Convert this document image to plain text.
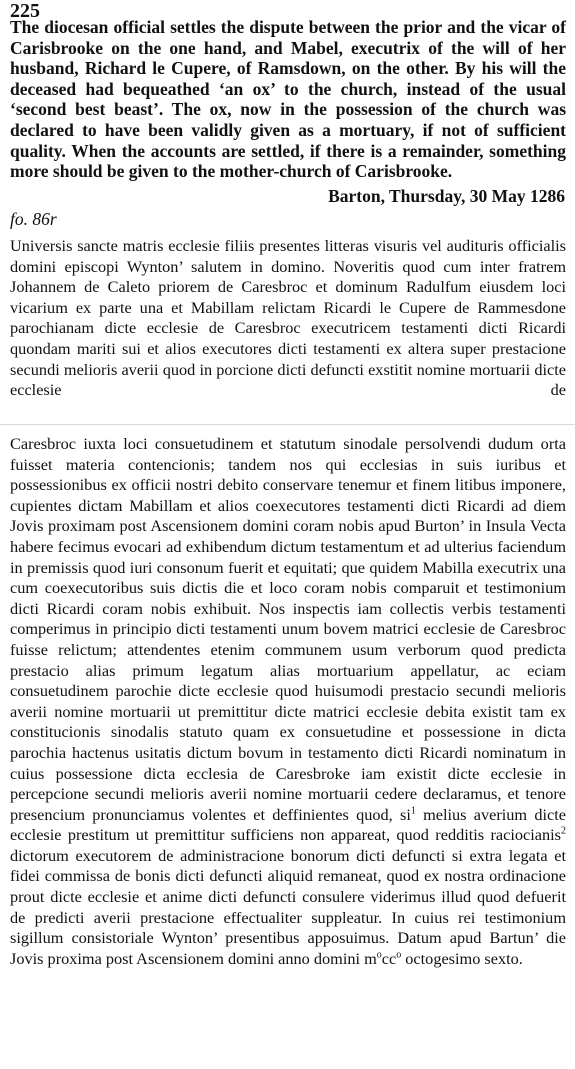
225
The diocesan official settles the dispute between the prior and the vicar of Carisbrooke on the one hand, and Mabel, executrix of the will of her husband, Richard le Cupere, of Ramsdown, on the other. By his will the deceased had bequeathed ‘an ox’ to the church, instead of the usual ‘second best beast’. The ox, now in the possession of the church was declared to have been validly given as a mortuary, if not of sufficient quality. When the accounts are settled, if there is a remainder, something more should be given to the mother-church of Carisbrooke.
Barton, Thursday, 30 May 1286
fo. 86r
Universis sancte matris ecclesie filiis presentes litteras visuris vel audituris officialis domini episcopi Wynton’ salutem in domino. Noveritis quod cum inter fratrem Johannem de Caleto priorem de Caresbroc et dominum Radulfum eiusdem loci vicarium ex parte una et Mabillam relictam Ricardi le Cupere de Rammesdone parochianam dicte ecclesie de Caresbroc executricem testamenti dicti Ricardi quondam mariti sui et alios executores dicti testamenti ex altera super prestacione secundi melioris averii quod in porcione dicti defuncti exstitit nomine mortuarii dicte ecclesie de
Caresbroc iuxta loci consuetudinem et statutum sinodale persolvendi dudum orta fuisset materia contencionis; tandem nos qui ecclesias in suis iuribus et possessionibus ex officii nostri debito conservare tenemur et finem litibus imponere, cupientes dictam Mabillam et alios coexecutores testamenti dicti Ricardi ad diem Jovis proximam post Ascensionem domini coram nobis apud Burton’ in Insula Vecta habere fecimus evocari ad exhibendum dictum testamentum et ad ulterius faciendum in premissis quod iuri consonum fuerit et equitati; que quidem Mabilla executrix una cum coexecutoribus suis dictis die et loco coram nobis comparuit et testimonium dicti Ricardi coram nobis exhibuit. Nos inspectis iam collectis verbis testamenti comperimus in principio dicti testamenti unum bovem matrici ecclesie de Caresbroc fuisse relictum; attendentes etenim communem usum verborum quod predicta prestacio alias primum legatum alias mortuarium appellatur, ac eciam consuetudinem parochie dicte ecclesie quod huisumodi prestacio secundi melioris averii nomine mortuarii ut premittitur dicte matrici ecclesie debita existit tam ex constitucionis sinodalis statuto quam ex consuetudine et possessione in dicta parochia hactenus usitatis dictum bovum in testamento dicti Ricardi nominatum in cuius possessione dicta ecclesia de Caresbroke iam existit dicte ecclesie in percepcione secundi melioris averii nomine mortuarii cedere declaramus, et tenore presencium pronunciamus volentes et deffinientes quod, $si^1$ melius averium dicte ecclesie prestitum ut premittitur sufficiens non appareat, quod redditis raciocianis$^2$ dictorum executorem de administracione bonorum dicti defuncti si extra legata et fidei commissa de bonis dicti defuncti aliquid remaneat, quod ex nostra ordinacione prout dicte ecclesie et anime dicti defuncti consulere viderimus illud quod defuerit de predicti averii prestacione effectualiter suppleatur. In cuius rei testimonium sigillum consistoriale Wynton’ presentibus apposuimus. Datum apud Bartun’ die Jovis proxima post Ascensionem domini anno domini $m^occ^o$ octogesimo sexto.
